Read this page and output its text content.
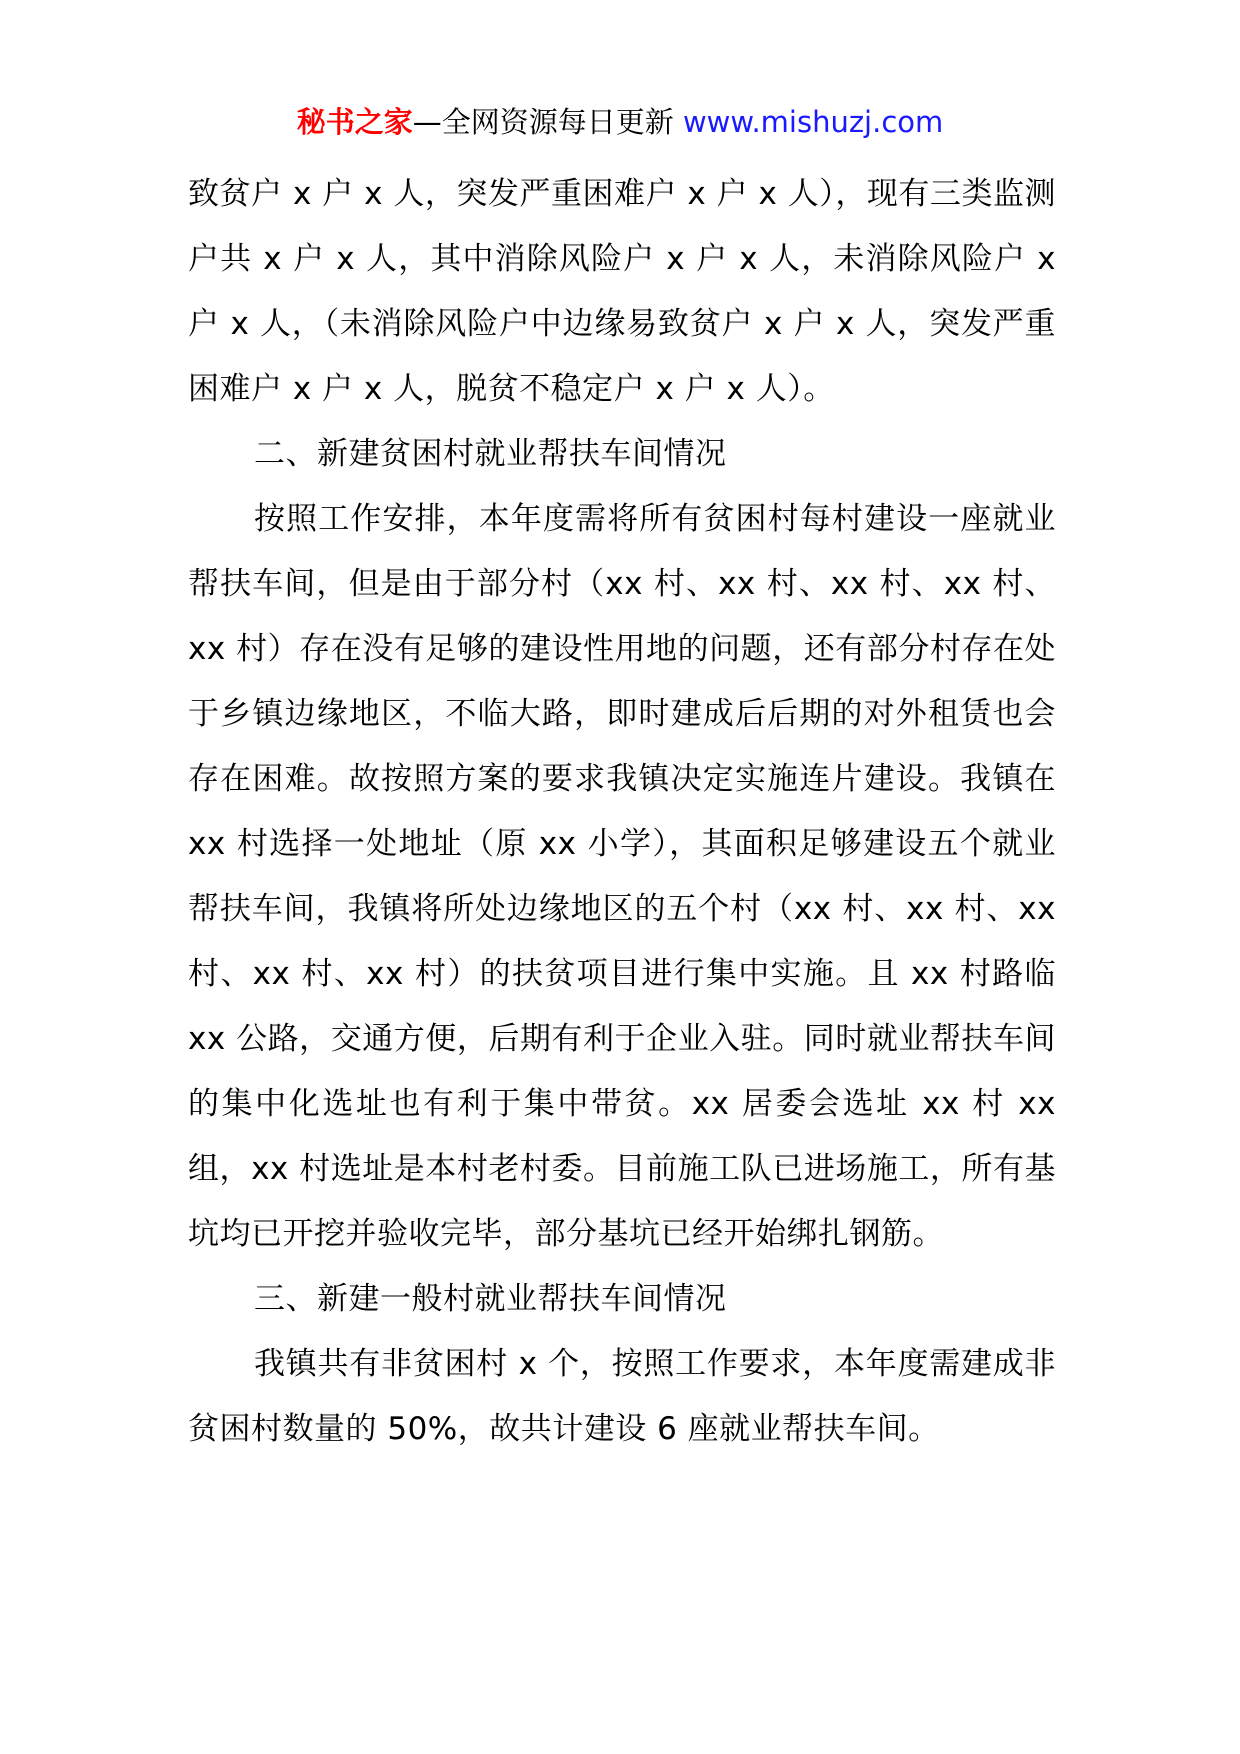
秘书之家—全网资源每日更新 www.mishuzj.com

致贫户 x 户 x 人，突发严重困难户 x 户 x 人），现有三类监测户共 x 户 x 人，其中消除风险户 x 户 x 人，未消除风险户 x 户 x 人，（未消除风险户中边缘易致贫户 x 户 x 人，突发严重困难户 x 户 x 人，脱贫不稳定户 x 户 x 人）。

二、新建贫困村就业帮扶车间情况

按照工作安排，本年度需将所有贫困村每村建设一座就业帮扶车间，但是由于部分村（xx 村、xx 村、xx 村、xx 村、xx 村）存在没有足够的建设性用地的问题，还有部分村存在处于乡镇边缘地区，不临大路，即时建成后后期的对外租赁也会存在困难。故按照方案的要求我镇决定实施连片建设。我镇在 xx 村选择一处地址（原 xx 小学），其面积足够建设五个就业帮扶车间，我镇将所处边缘地区的五个村（xx 村、xx 村、xx 村、xx 村、xx 村）的扶贫项目进行集中实施。且 xx 村路临 xx 公路，交通方便，后期有利于企业入驻。同时就业帮扶车间的集中化选址也有利于集中带贫。xx 居委会选址 xx 村 xx 组，xx 村选址是本村老村委。目前施工队已进场施工，所有基坑均已开挖并验收完毕，部分基坑已经开始绑扎钢筋。

三、新建一般村就业帮扶车间情况

我镇共有非贫困村 x 个，按照工作要求，本年度需建成非贫困村数量的 50%，故共计建设 6 座就业帮扶车间。
